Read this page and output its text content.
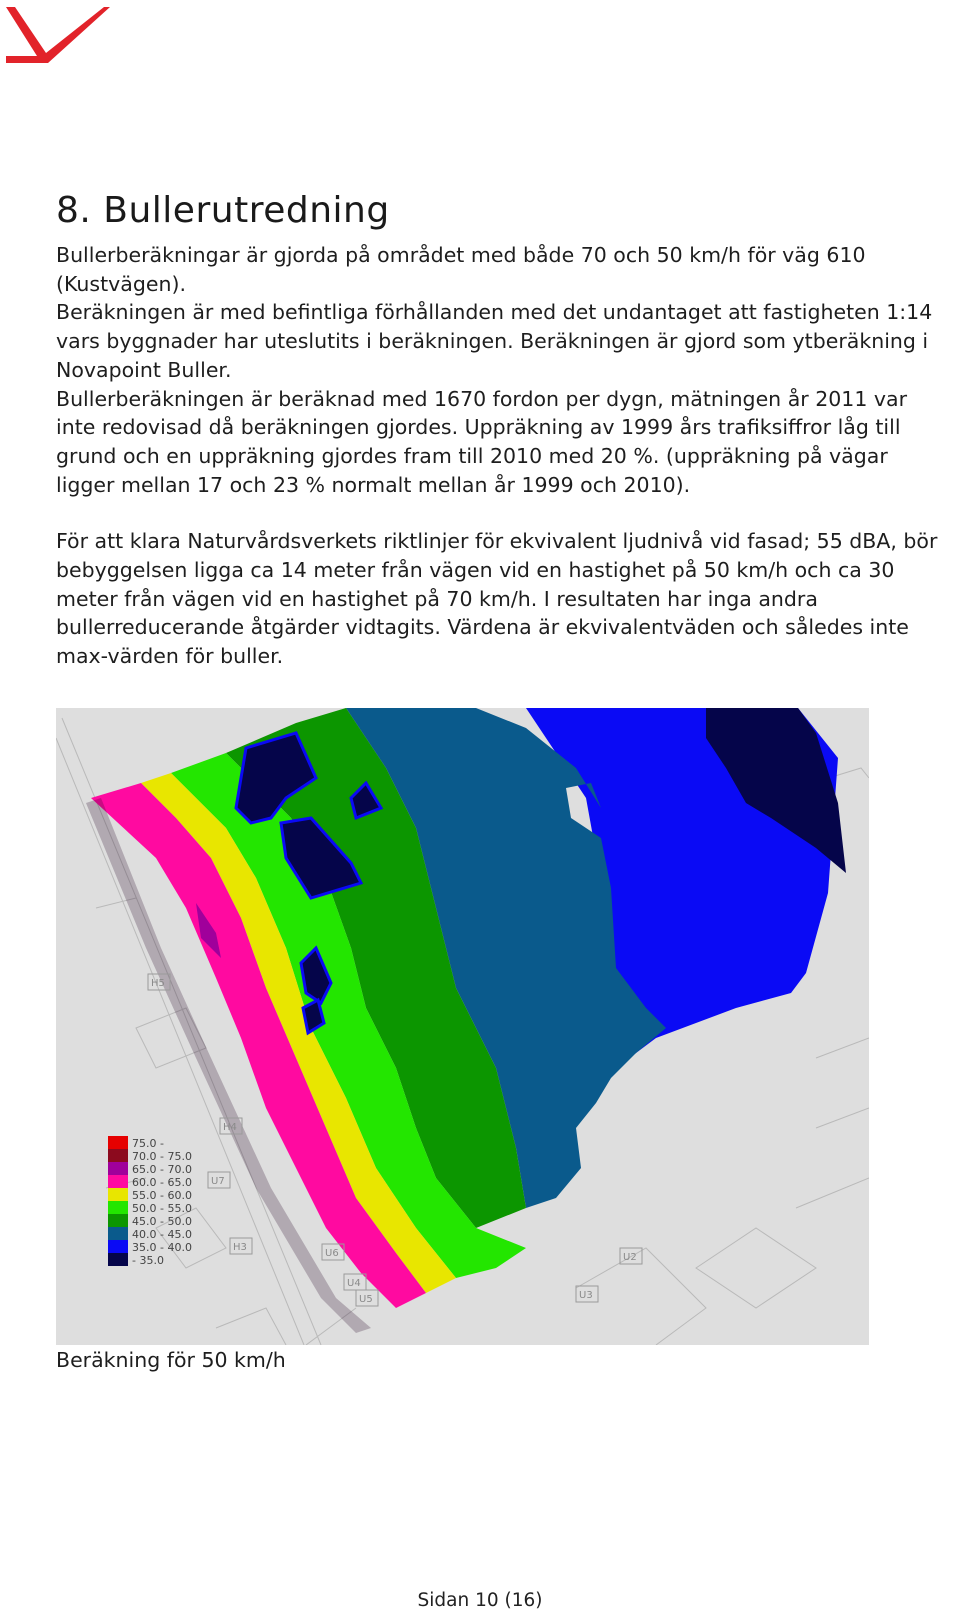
8. Bullerutredning

Bullerberäkningar är gjorda på området med både 70 och 50 km/h för väg 610 (Kustvägen).

Beräkningen är med befintliga förhållanden med det undantaget att fastigheten 1:14 vars byggnader har uteslutits i beräkningen. Beräkningen är gjord som ytberäkning i Novapoint Buller.

Bullerberäkningen är beräknad med 1670 fordon per dygn, mätningen år 2011 var inte redovisad då beräkningen gjordes. Uppräkning av 1999 års trafiksiffror låg till grund och en uppräkning gjordes fram till 2010 med 20 %. (uppräkning på vägar ligger mellan 17 och 23 % normalt mellan år 1999 och 2010).

För att klara Naturvårdsverkets riktlinjer för ekvivalent ljudnivå vid fasad; 55 dBA, bör bebyggelsen ligga ca 14 meter från vägen vid en hastighet på 50 km/h och ca 30 meter från vägen vid en hastighet på 70 km/h. I resultaten har inga andra bullerreducerande åtgärder vidtagits. Värdena är ekvivalentväden och således inte max-värden för buller.

H5
H4
U7
H3
U6
U4
U5
U2
U3
75.0 -
70.0 - 75.0
65.0 - 70.0
60.0 - 65.0
55.0 - 60.0
50.0 - 55.0
45.0 - 50.0
40.0 - 45.0
35.0 - 40.0
- 35.0
Beräkning för 50 km/h
Sidan 10 (16)
